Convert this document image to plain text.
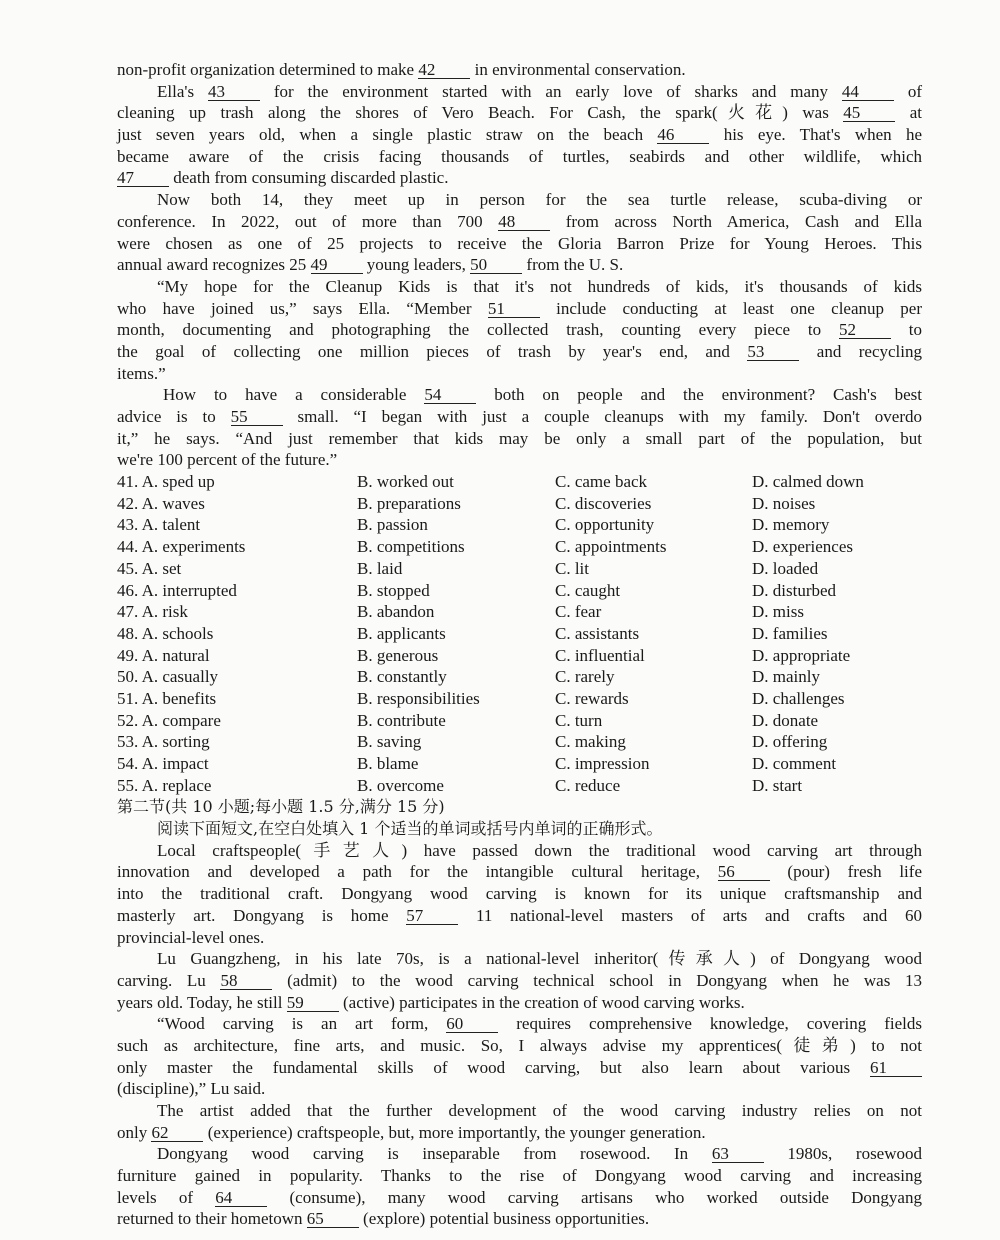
non-profit organization determined to make 42 in environmental conservation.
Ella's 43 for the environment started with an early love of sharks and many 44 of
cleaning up trash along the shores of Vero Beach. For Cash, the spark(火花) was 45 at
just seven years old, when a single plastic straw on the beach 46 his eye. That's when he
became aware of the crisis facing thousands of turtles, seabirds and other wildlife, which
47 death from consuming discarded plastic.
Now both 14, they meet up in person for the sea turtle release, scuba-diving or
conference. In 2022, out of more than 700 48 from across North America, Cash and Ella
were chosen as one of 25 projects to receive the Gloria Barron Prize for Young Heroes. This
annual award recognizes 25 49 young leaders, 50 from the U. S.
“My hope for the Cleanup Kids is that it's not hundreds of kids, it's thousands of kids
who have joined us,” says Ella. “Member 51 include conducting at least one cleanup per
month, documenting and photographing the collected trash, counting every piece to 52 to
the goal of collecting one million pieces of trash by year's end, and 53 and recycling
items.”
How to have a considerable 54 both on people and the environment? Cash's best
advice is to 55 small. “I began with just a couple cleanups with my family. Don't overdo
it,” he says. “And just remember that kids may be only a small part of the population, but
we're 100 percent of the future.”
41. A. sped up	B. worked out	C. came back	D. calmed down
42. A. waves	B. preparations	C. discoveries	D. noises
43. A. talent	B. passion	C. opportunity	D. memory
44. A. experiments	B. competitions	C. appointments	D. experiences
45. A. set	B. laid	C. lit	D. loaded
46. A. interrupted	B. stopped	C. caught	D. disturbed
47. A. risk	B. abandon	C. fear	D. miss
48. A. schools	B. applicants	C. assistants	D. families
49. A. natural	B. generous	C. influential	D. appropriate
50. A. casually	B. constantly	C. rarely	D. mainly
51. A. benefits	B. responsibilities	C. rewards	D. challenges
52. A. compare	B. contribute	C. turn	D. donate
53. A. sorting	B. saving	C. making	D. offering
54. A. impact	B. blame	C. impression	D. comment
55. A. replace	B. overcome	C. reduce	D. start
第二节(共 10 小题;每小题 1.5 分,满分 15 分)
阅读下面短文,在空白处填入 1 个适当的单词或括号内单词的正确形式。
Local craftspeople(手艺人) have passed down the traditional wood carving art through
innovation and developed a path for the intangible cultural heritage, 56 (pour) fresh life
into the traditional craft. Dongyang wood carving is known for its unique craftsmanship and
masterly art. Dongyang is home 57 11 national-level masters of arts and crafts and 60
provincial-level ones.
Lu Guangzheng, in his late 70s, is a national-level inheritor(传承人) of Dongyang wood
carving. Lu 58 (admit) to the wood carving technical school in Dongyang when he was 13
years old. Today, he still 59 (active) participates in the creation of wood carving works.
“Wood carving is an art form, 60 requires comprehensive knowledge, covering fields
such as architecture, fine arts, and music. So, I always advise my apprentices(徒弟) to not
only master the fundamental skills of wood carving, but also learn about various 61
(discipline),” Lu said.
The artist added that the further development of the wood carving industry relies on not
only 62 (experience) craftspeople, but, more importantly, the younger generation.
Dongyang wood carving is inseparable from rosewood. In 63 1980s, rosewood
furniture gained in popularity. Thanks to the rise of Dongyang wood carving and increasing
levels of 64 (consume), many wood carving artisans who worked outside Dongyang
returned to their hometown 65 (explore) potential business opportunities.
